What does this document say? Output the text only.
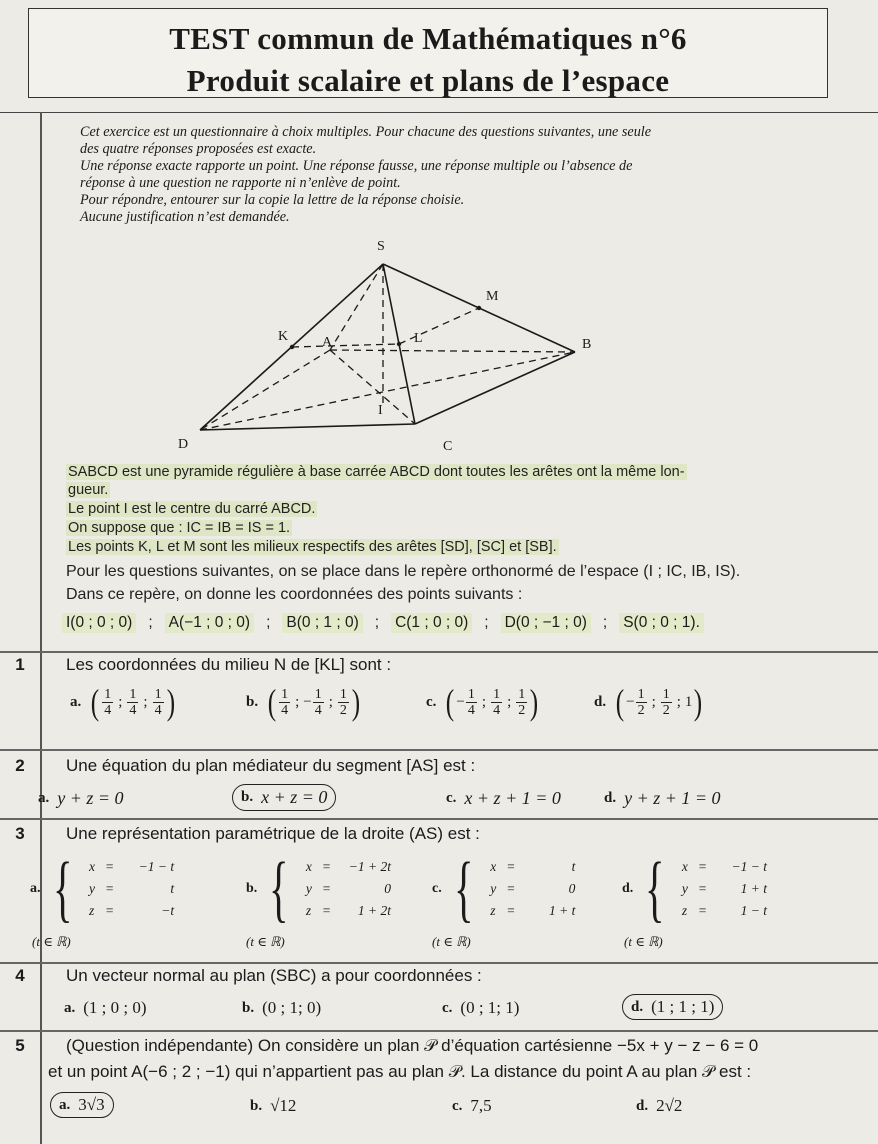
TEST commun de Mathématiques n°6
Produit scalaire et plans de l’espace

Cet exercice est un questionnaire à choix multiples. Pour chacune des questions suivantes, une seule

des quatre réponses proposées est exacte.

Une réponse exacte rapporte un point. Une réponse fausse, une réponse multiple ou l’absence de

réponse à une question ne rapporte ni n’enlève de point.

Pour répondre, entourer sur la copie la lettre de la réponse choisie.

Aucune justification n’est demandée.

S
M
K A	L	B
I
D	C
SABCD est une pyramide régulière à base carrée ABCD dont toutes les arêtes ont la même lon-
gueur.
Le point I est le centre du carré ABCD.
On suppose que : IC = IB = IS = 1.
Les points K, L et M sont les milieux respectifs des arêtes [SD], [SC] et [SB].
Pour les questions suivantes, on se place dans le repère orthonormé de l’espace (I ; IC, IB, IS).
Dans ce repère, on donne les coordonnées des points suivants :
I(0 ; 0 ; 0) ; A(−1 ; 0 ; 0) ; B(0 ; 1 ; 0) ; C(1 ; 0 ; 0) ; D(0 ; −1 ; 0) ; S(0 ; 0 ; 1).
1	Les coordonnées du milieu N de [KL] sont :
a. ( $\frac{1}{4}$ ; $\frac{1}{4}$ ; $\frac{1}{4}$ )	b. ( $\frac{1}{4}$ ; − $\frac{1}{4}$ ; $\frac{1}{2}$ )	c. ( − $\frac{1}{4}$ ; $\frac{1}{4}$ ; $\frac{1}{2}$ )	d. ( − $\frac{1}{2}$ ; $\frac{1}{2}$ ; 1 )
2	Une équation du plan médiateur du segment [AS] est :
a. y + z = 0	b. x + z = 0	c. x + z + 1 = 0	d. y + z + 1 = 0
3	Une représentation paramétrique de la droite (AS) est :
a. { x	=	−1 − t
y	=	t
z	=	−t
(t ∈ ℝ)
b. { x	=	−1 + 2t
y	=	0
z	=	1 + 2t
(t ∈ ℝ)
c. { x	=	t
y	=	0
z	=	1 + t
(t ∈ ℝ)
d. { x	=	−1 − t
y	=	1 + t
z	=	1 − t
(t ∈ ℝ)
4	Un vecteur normal au plan (SBC) a pour coordonnées :
a. (1 ; 0 ; 0)	b. (0 ; 1; 0)	c. (0 ; 1; 1)	d. (1 ; 1 ; 1)
5	(Question indépendante) On considère un plan 𝒫 d’équation cartésienne −5x + y − z − 6 = 0
et un point A(−6 ; 2 ; −1) qui n’appartient pas au plan 𝒫. La distance du point A au plan 𝒫 est :
a. 3√3	b. √12	c. 7,5	d. 2√2
